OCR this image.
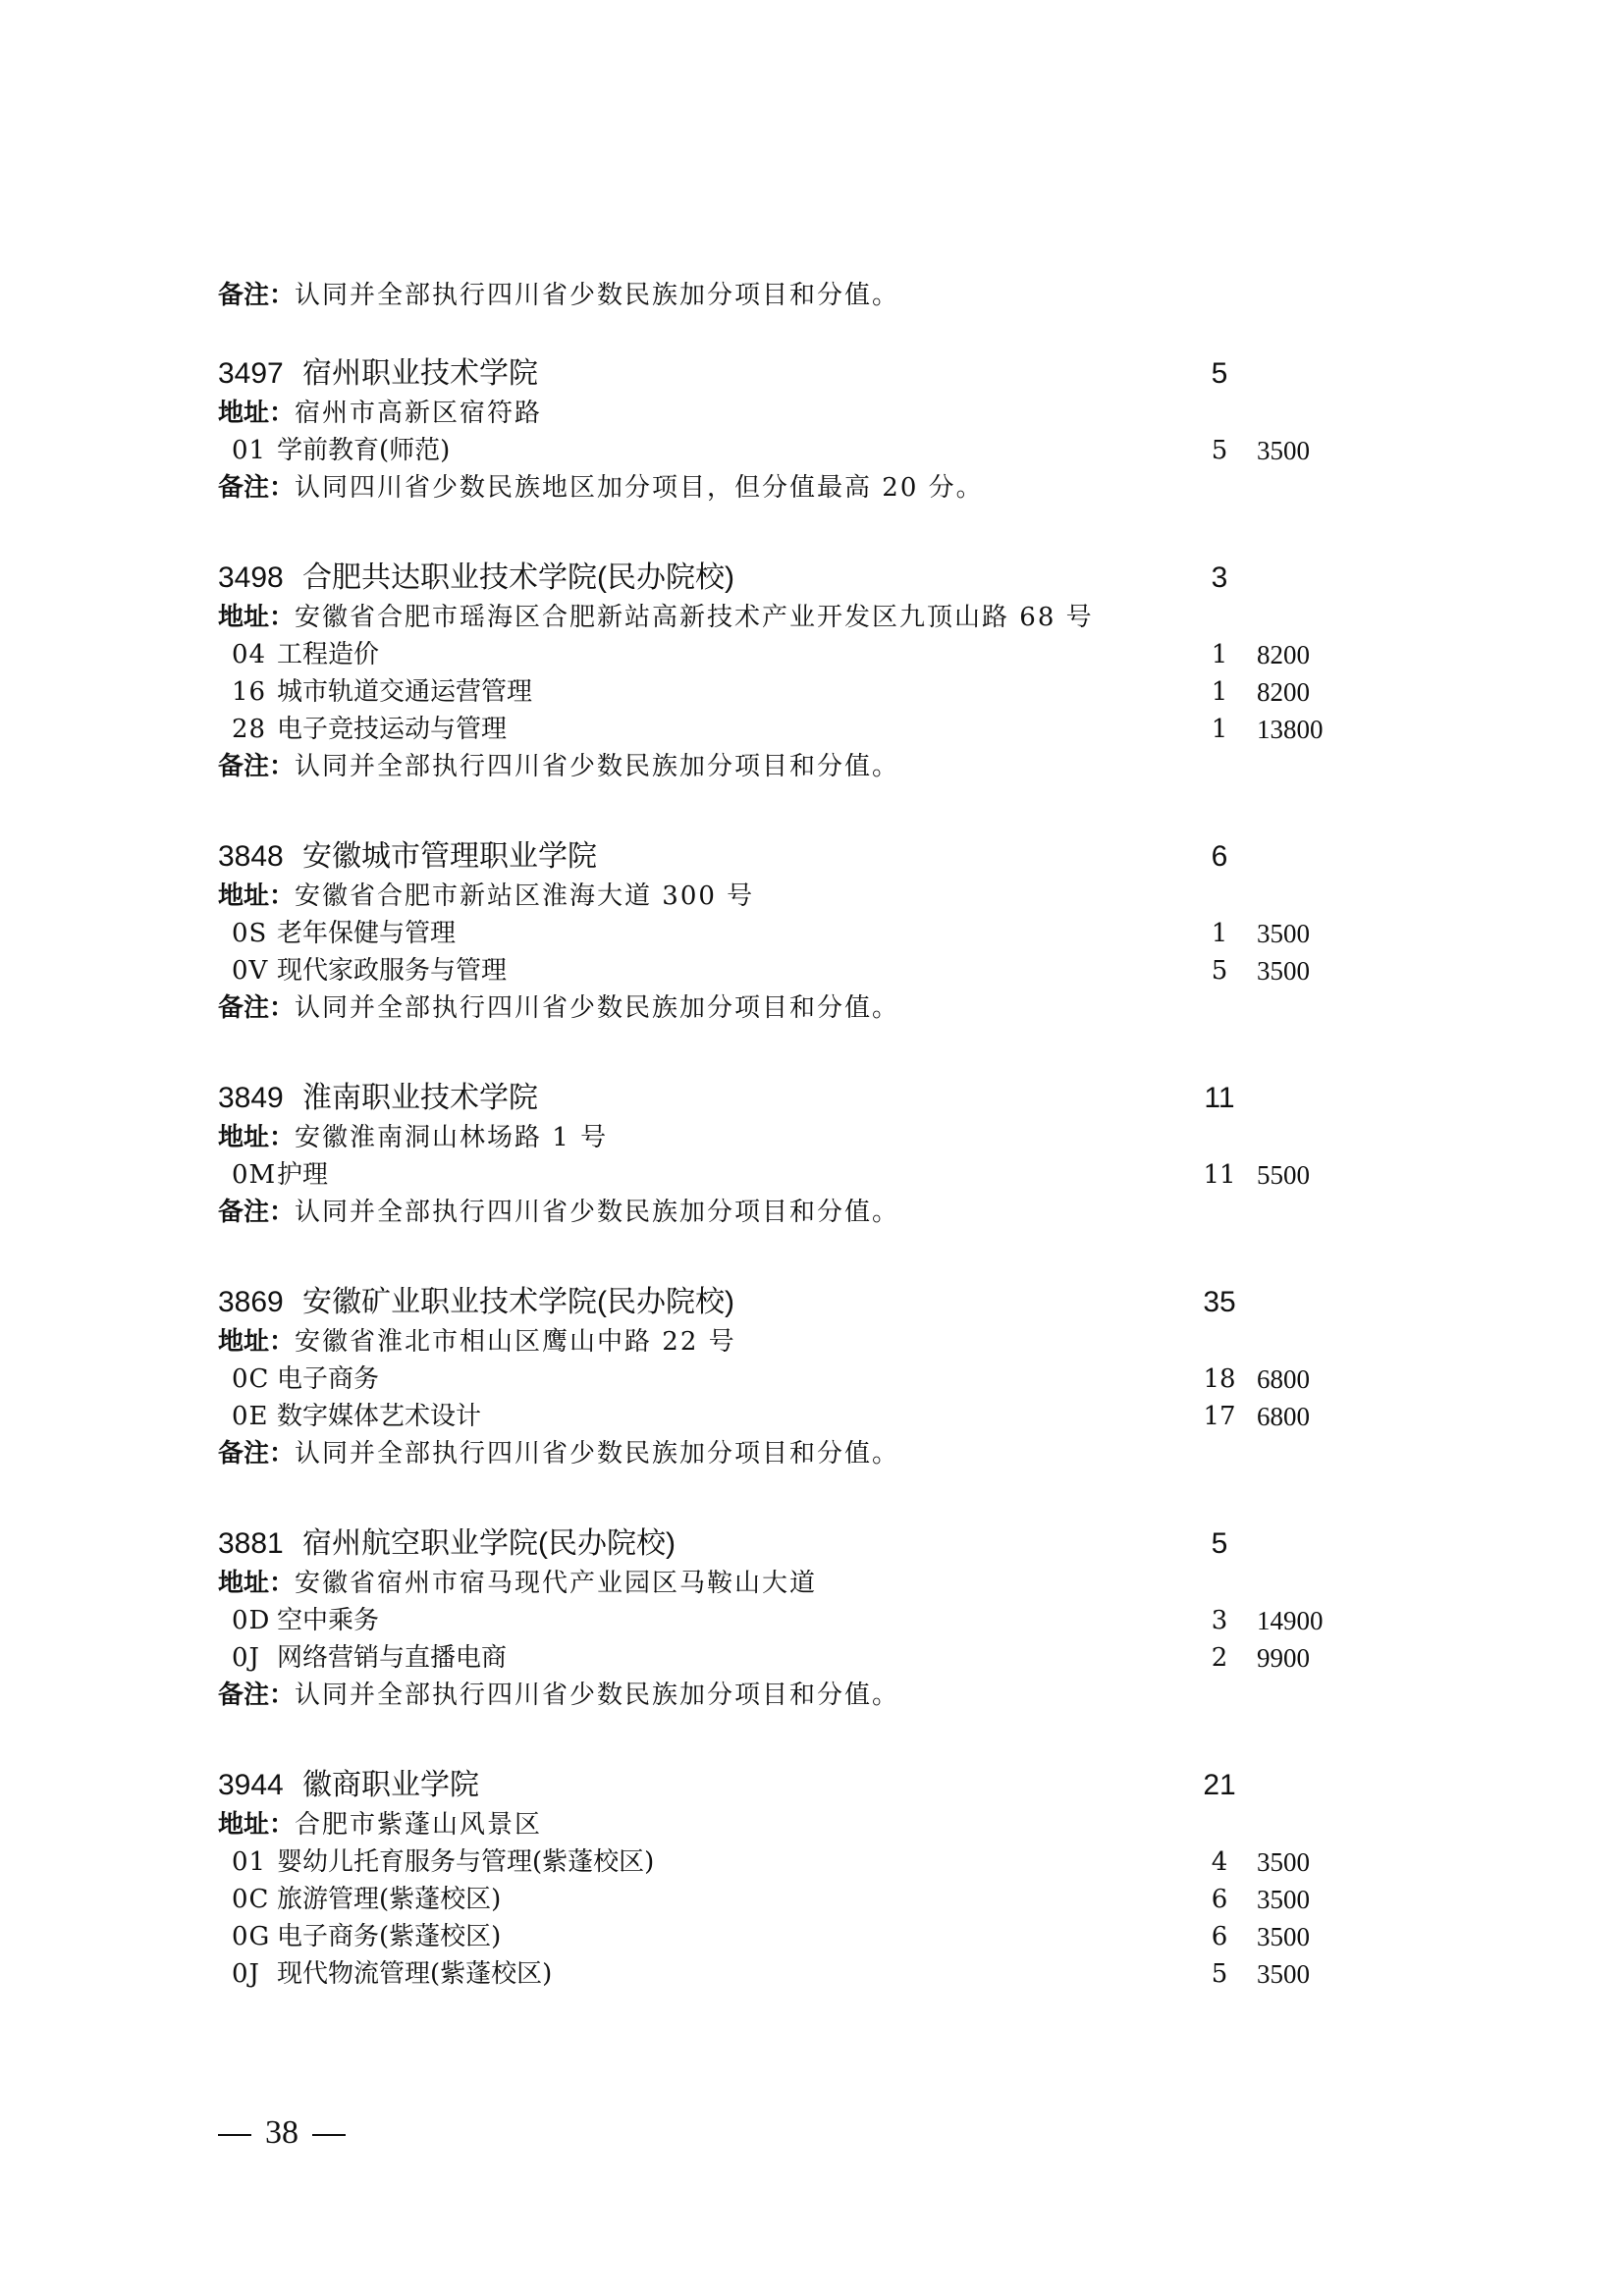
备注：认同并全部执行四川省少数民族加分项目和分值。
3497 宿州职业技术学院	5
地址：宿州市高新区宿符路
01 学前教育(师范)	5	3500
备注：认同四川省少数民族地区加分项目，但分值最高 20 分。
3498 合肥共达职业技术学院(民办院校)	3
地址：安徽省合肥市瑶海区合肥新站高新技术产业开发区九顶山路 68 号
04 工程造价	1	8200
16 城市轨道交通运营管理	1	8200
28 电子竞技运动与管理	1	13800
备注：认同并全部执行四川省少数民族加分项目和分值。
3848 安徽城市管理职业学院	6
地址：安徽省合肥市新站区淮海大道 300 号
0S 老年保健与管理	1	3500
0V 现代家政服务与管理	5	3500
备注：认同并全部执行四川省少数民族加分项目和分值。
3849 淮南职业技术学院	11
地址：安徽淮南洞山林场路 1 号
0M 护理	11 5500
备注：认同并全部执行四川省少数民族加分项目和分值。
3869 安徽矿业职业技术学院(民办院校)	35
地址：安徽省淮北市相山区鹰山中路 22 号
0C 电子商务	18 6800
0E 数字媒体艺术设计	17 6800
备注：认同并全部执行四川省少数民族加分项目和分值。
3881 宿州航空职业学院(民办院校)	5
地址：安徽省宿州市宿马现代产业园区马鞍山大道
0D 空中乘务	3	14900
0J 网络营销与直播电商	2	9900
备注：认同并全部执行四川省少数民族加分项目和分值。
3944 徽商职业学院	21
地址：合肥市紫蓬山风景区
01 婴幼儿托育服务与管理(紫蓬校区)	4	3500
0C 旅游管理(紫蓬校区)	6	3500
0G 电子商务(紫蓬校区)	6	3500
0J 现代物流管理(紫蓬校区)	5	3500
38
